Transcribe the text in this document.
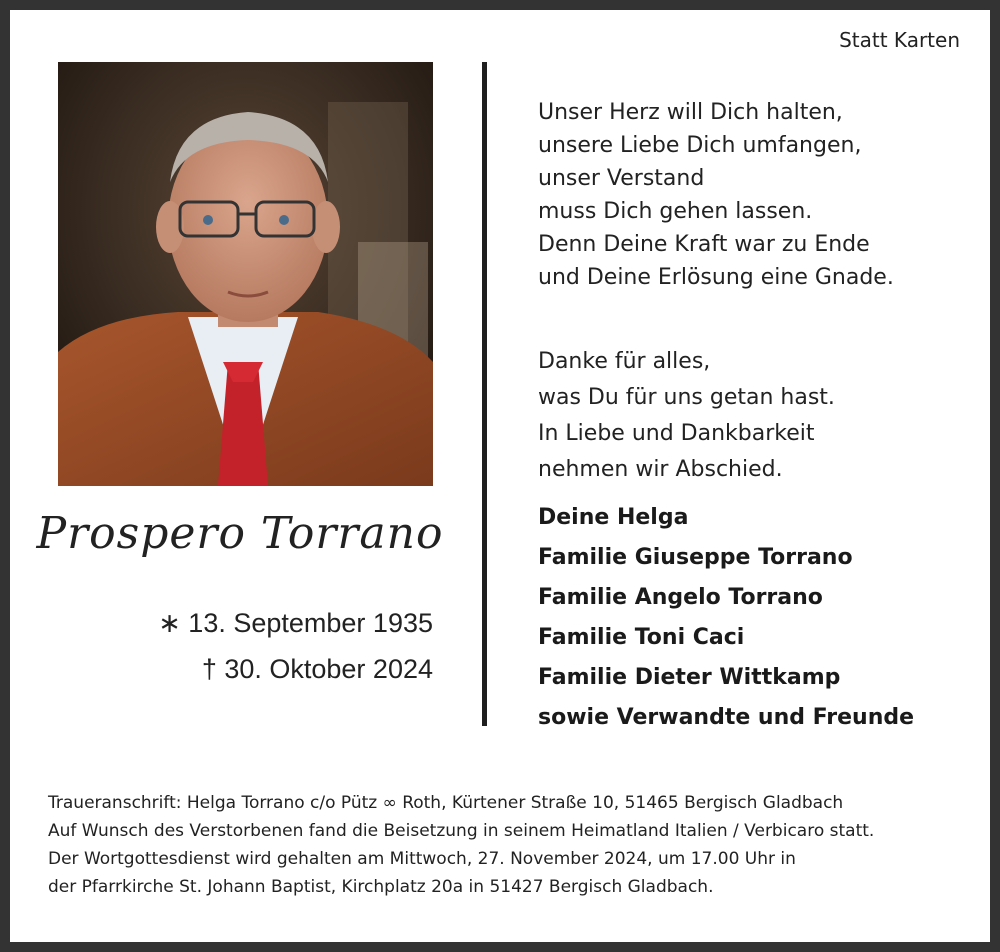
Statt Karten
Prospero Torrano
∗ 13. September 1935
† 30. Oktober 2024
Unser Herz will Dich halten,
unsere Liebe Dich umfangen,
unser Verstand
muss Dich gehen lassen.
Denn Deine Kraft war zu Ende
und Deine Erlösung eine Gnade.
Danke für alles,
was Du für uns getan hast.
In Liebe und Dankbarkeit
nehmen wir Abschied.
Deine Helga
Familie Giuseppe Torrano
Familie Angelo Torrano
Familie Toni Caci
Familie Dieter Wittkamp
sowie Verwandte und Freunde
Traueranschrift: Helga Torrano c/o Pütz ∞ Roth, Kürtener Straße 10, 51465 Bergisch Gladbach
Auf Wunsch des Verstorbenen fand die Beisetzung in seinem Heimatland Italien / Verbicaro statt.
Der Wortgottesdienst wird gehalten am Mittwoch, 27. November 2024, um 17.00 Uhr in
der Pfarrkirche St. Johann Baptist, Kirchplatz 20a in 51427 Bergisch Gladbach.
